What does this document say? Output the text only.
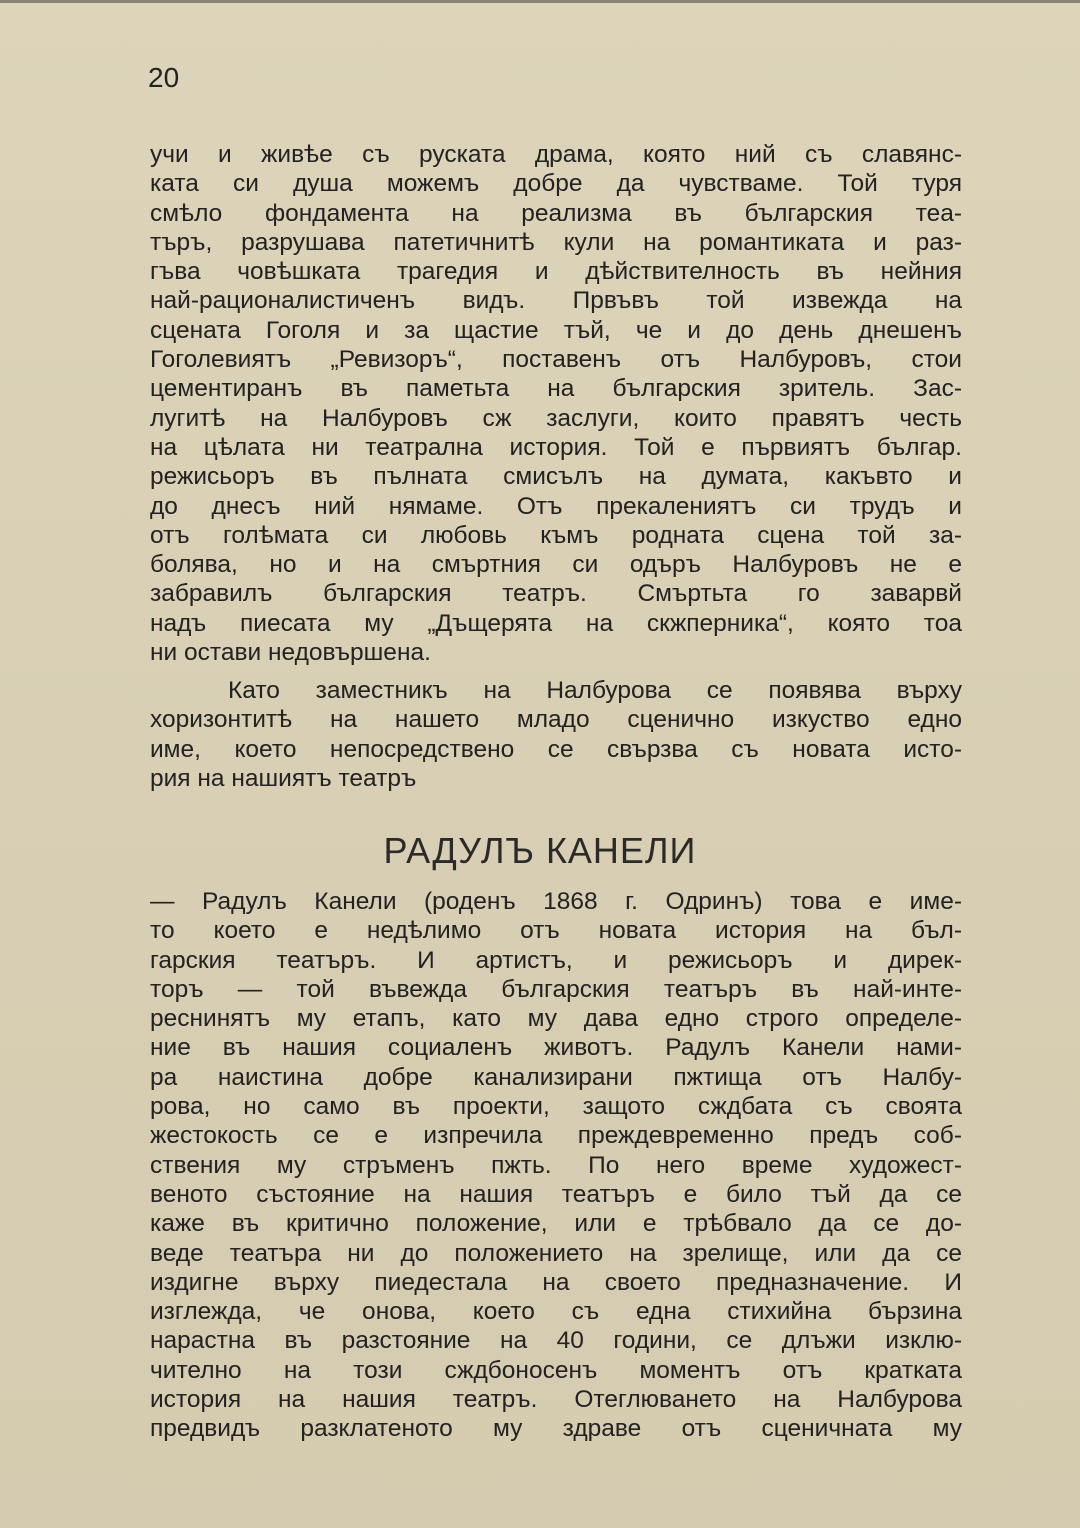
20
учи и живѣе съ руската драма, която ний съ славянс-
ката си душа можемъ добре да чувстваме. Той туря
смѣло фондамента на реализма въ българския теа-
търъ, разрушава патетичнитѣ кули на романтиката и раз-
гъва човѣшката трагедия и дѣйствителность въ нейния
най-рационалистиченъ видъ. Првъвъ той извежда на
сцената Гоголя и за щастие тъй, че и до день днешенъ
Гоголевиятъ „Ревизоръ“, поставенъ отъ Налбуровъ, стои
цементиранъ въ паметьта на българския зритель. Зас-
лугитѣ на Налбуровъ сж заслуги, които правятъ честь
на цѣлата ни театрална история. Той е първиятъ българ.
режисьоръ въ пълната смисълъ на думата, какъвто и
до днесъ ний нямаме. Отъ прекалениятъ си трудъ и
отъ голѣмата си любовь къмъ родната сцена той за-
болява, но и на смъртния си одъръ Налбуровъ не е
забравилъ българския театръ. Смъртьта го заварвй
надъ пиесата му „Дъщерята на скжперника“, която тоа
ни остави недовършена.
Като заместникъ на Налбурова се появява върху
хоризонтитѣ на нашето младо сценично изкуство едно
име, което непосредствено се свързва съ новата исто-
рия на нашиятъ театръ
РАДУЛЪ КАНЕЛИ
— Радулъ Канели (роденъ 1868 г. Одринъ) това е име-
то което е недѣлимо отъ новата история на бъл-
гарския театъръ. И артистъ, и режисьоръ и дирек-
торъ — той въвежда българския театъръ въ най-инте-
реснинятъ му етапъ, като му дава едно строго определе-
ние въ нашия социаленъ животъ. Радулъ Канели нами-
ра наистина добре канализирани пжтища отъ Налбу-
рова, но само въ проекти, защото сждбата съ своята
жестокость се е изпречила преждевременно предъ соб-
ствения му стръменъ пжть. По него време художест-
веното състояние на нашия театъръ е било тъй да се
каже въ критично положение, или е трѣбвало да се до-
веде театъра ни до положението на зрелище, или да се
издигне върху пиедестала на своето предназначение. И
изглежда, че онова, което съ една стихийна бързина
нарастна въ разстояние на 40 години, се длъжи изклю-
чително на този сждбоносенъ моментъ отъ кратката
история на нашия театръ. Отеглюването на Налбурова
предвидъ разклатеното му здраве отъ сценичната му
